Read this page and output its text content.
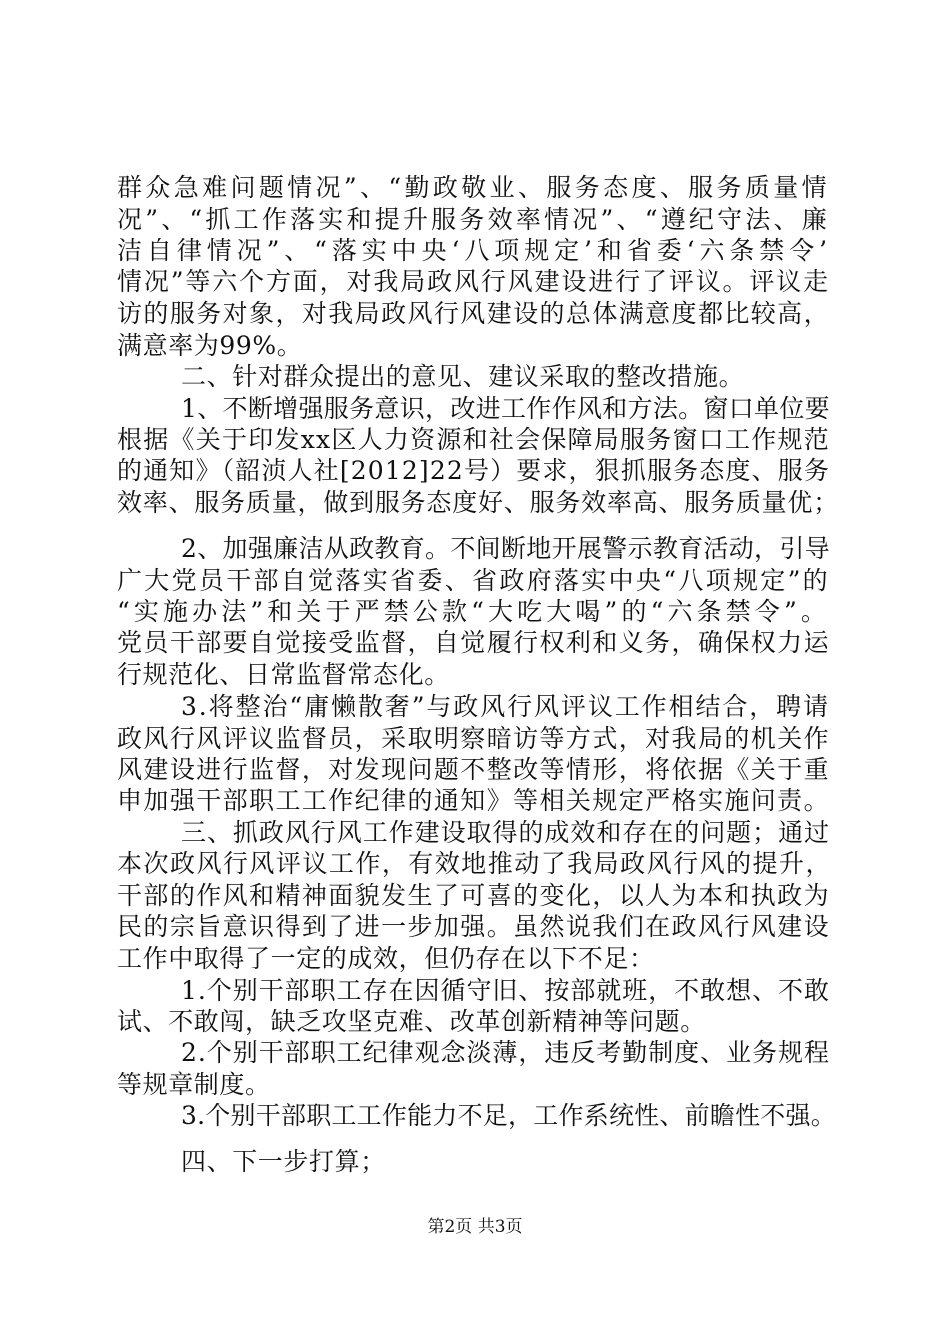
群众急难问题情况”、“勤政敬业、服务态度、服务质量情
况”、“抓工作落实和提升服务效率情况”、“遵纪守法、廉
洁自律情况”、“落实中央‘八项规定’和省委‘六条禁令’
情况”等六个方面，对我局政风行风建设进行了评议。评议走
访的服务对象，对我局政风行风建设的总体满意度都比较高，
满意率为99%。
二、针对群众提出的意见、建议采取的整改措施。
1、不断增强服务意识，改进工作作风和方法。窗口单位要
根据《关于印发xx区人力资源和社会保障局服务窗口工作规范
的通知》（韶浈人社[2012]22号）要求，狠抓服务态度、服务
效率、服务质量，做到服务态度好、服务效率高、服务质量优；
2、加强廉洁从政教育。不间断地开展警示教育活动，引导
广大党员干部自觉落实省委、省政府落实中央“八项规定”的
“实施办法”和关于严禁公款“大吃大喝”的“六条禁令”。
党员干部要自觉接受监督，自觉履行权利和义务，确保权力运
行规范化、日常监督常态化。
3.将整治“庸懒散奢”与政风行风评议工作相结合，聘请
政风行风评议监督员，采取明察暗访等方式，对我局的机关作
风建设进行监督，对发现问题不整改等情形，将依据《关于重
申加强干部职工工作纪律的通知》等相关规定严格实施问责。
三、抓政风行风工作建设取得的成效和存在的问题；通过
本次政风行风评议工作，有效地推动了我局政风行风的提升，
干部的作风和精神面貌发生了可喜的变化，以人为本和执政为
民的宗旨意识得到了进一步加强。虽然说我们在政风行风建设
工作中取得了一定的成效，但仍存在以下不足：
1.个别干部职工存在因循守旧、按部就班，不敢想、不敢
试、不敢闯，缺乏攻坚克难、改革创新精神等问题。
2.个别干部职工纪律观念淡薄，违反考勤制度、业务规程
等规章制度。
3.个别干部职工工作能力不足，工作系统性、前瞻性不强。
四、下一步打算；
第2页 共3页
